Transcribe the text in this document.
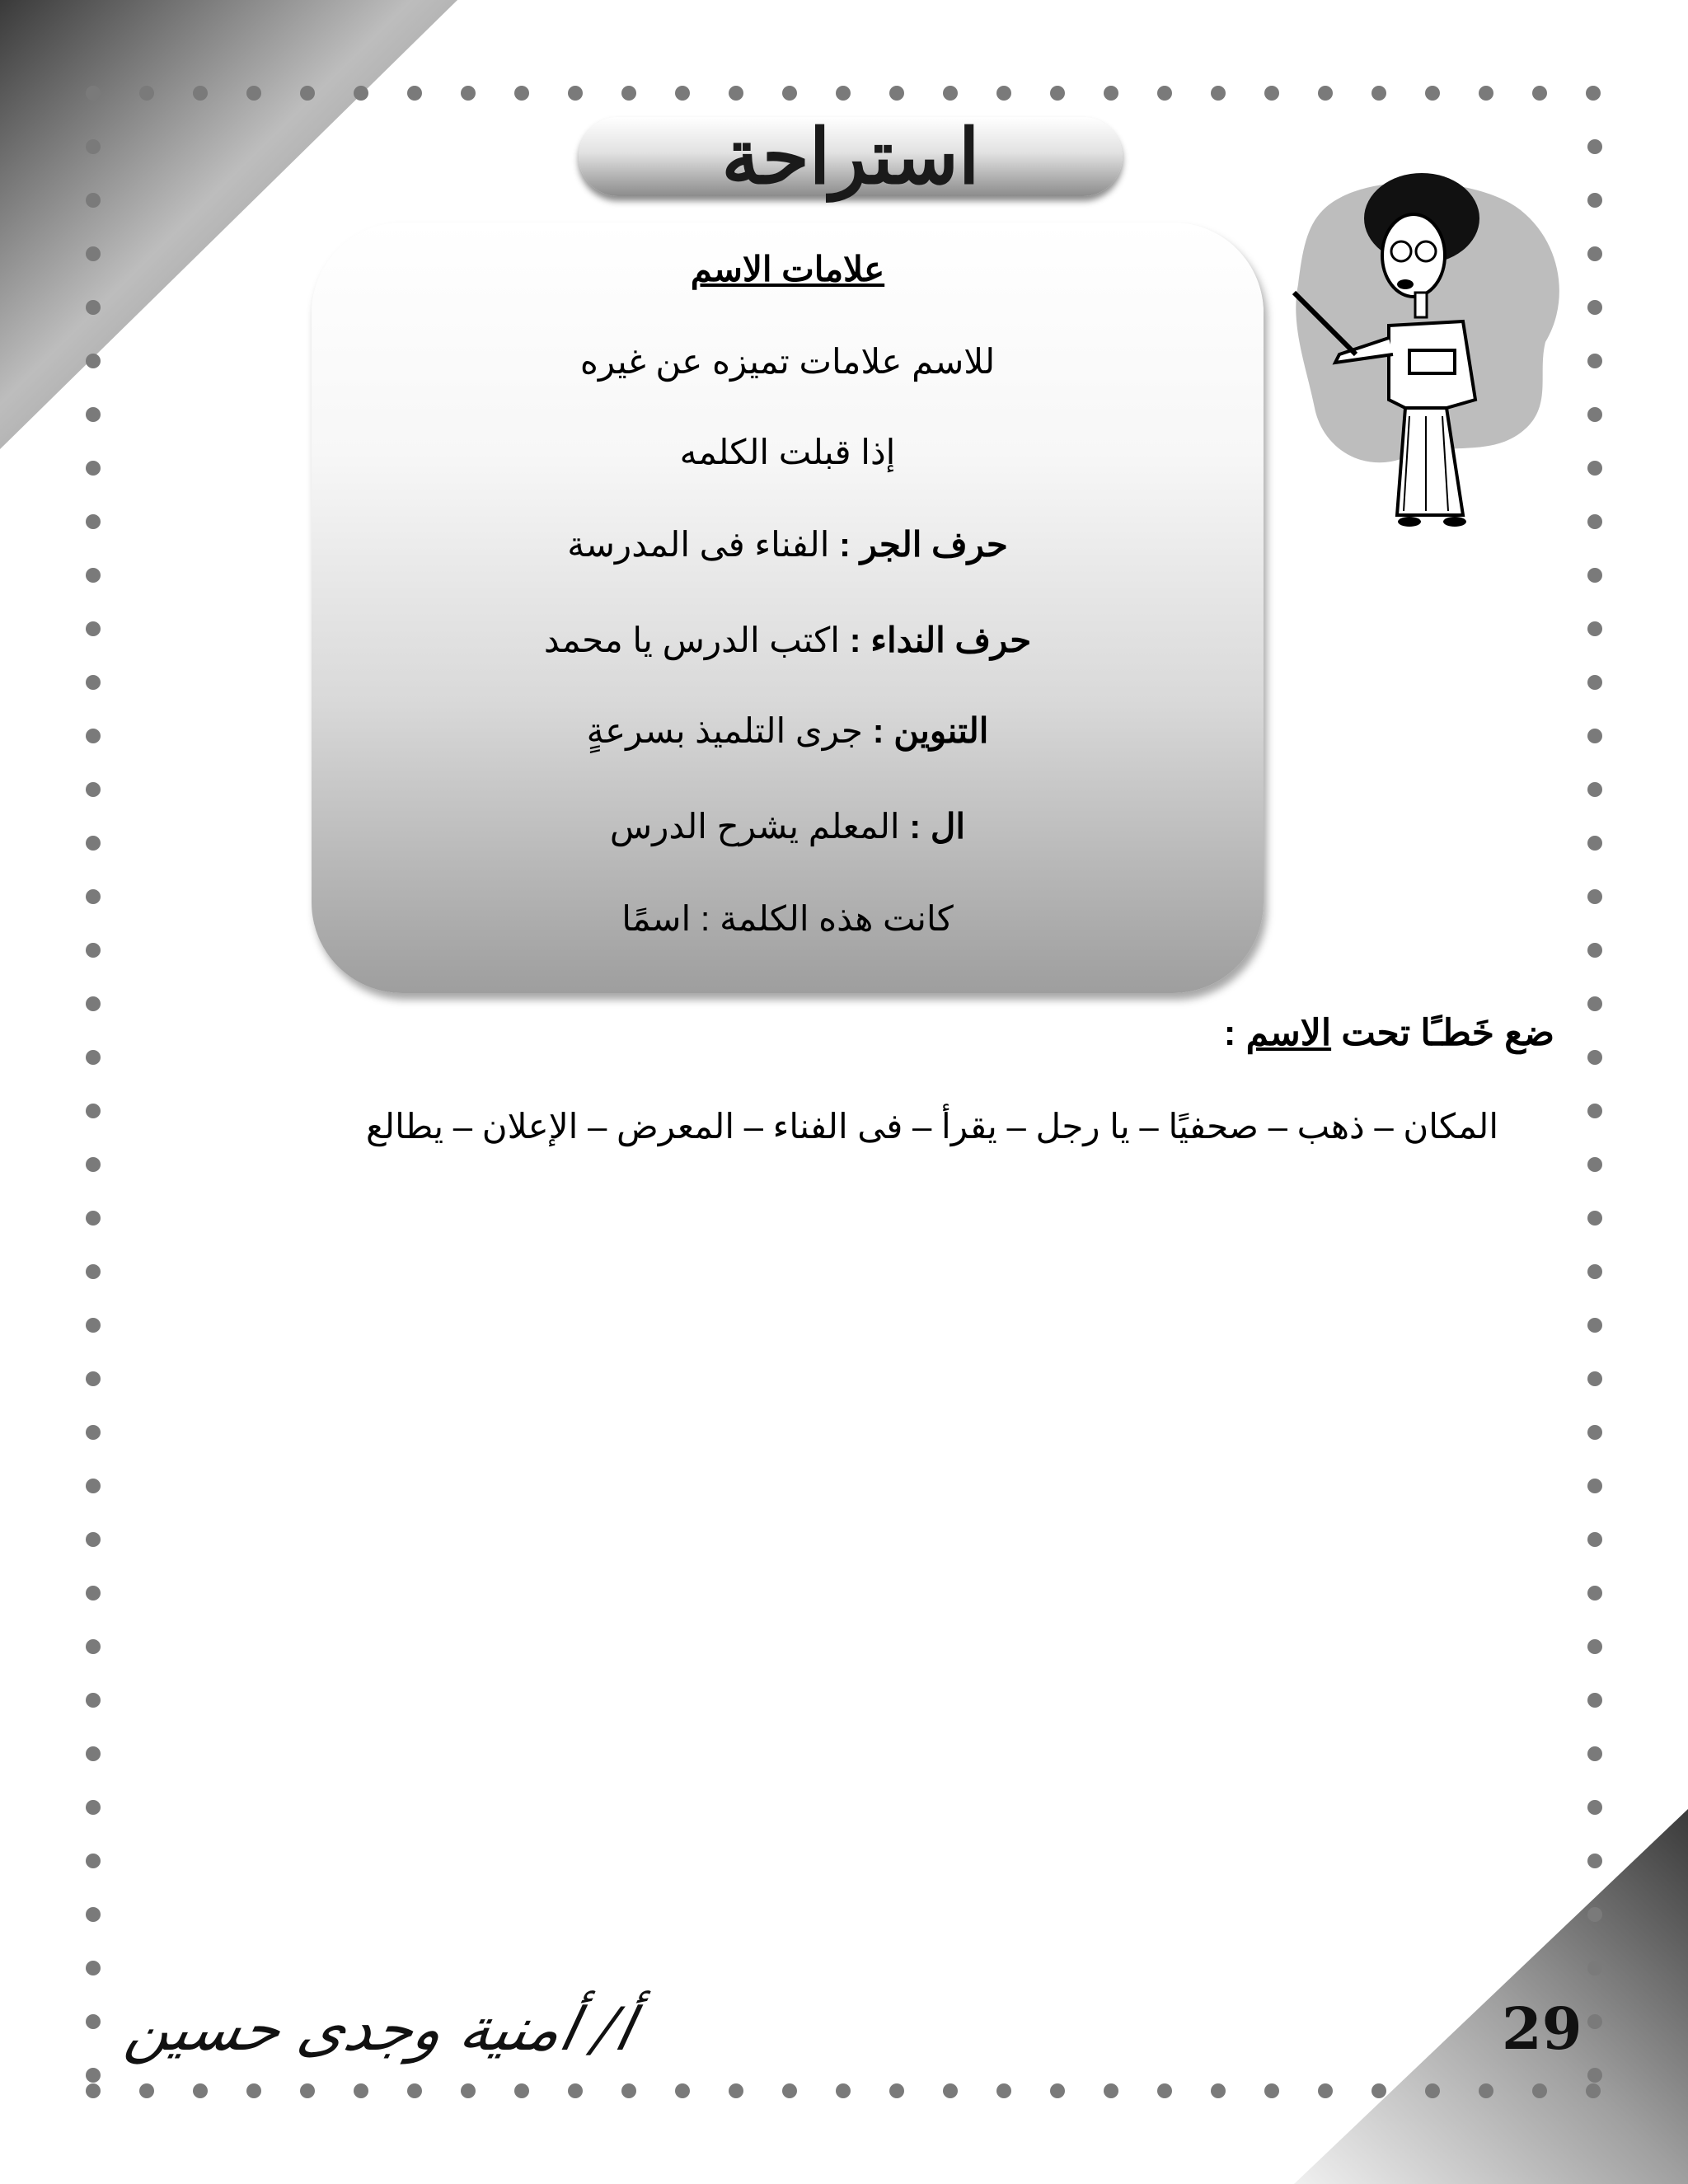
استراحة
علامات الاسم
للاسم علامات تميزه عن غيره
إذا قبلت الكلمه
حرف الجر : الفناء فى المدرسة
حرف النداء : اكتب الدرس يا محمد
التنوين : جرى التلميذ بسرعةٍ
ال : المعلم يشرح الدرس
كانت هذه الكلمة : اسمًا
ضع خَطـًا تحت الاسم :
المكان – ذهب – صحفيًا – يا رجل – يقرأ – فى الفناء – المعرض – الإعلان – يطالع
أ/ أمنية وجدى حسين	29
